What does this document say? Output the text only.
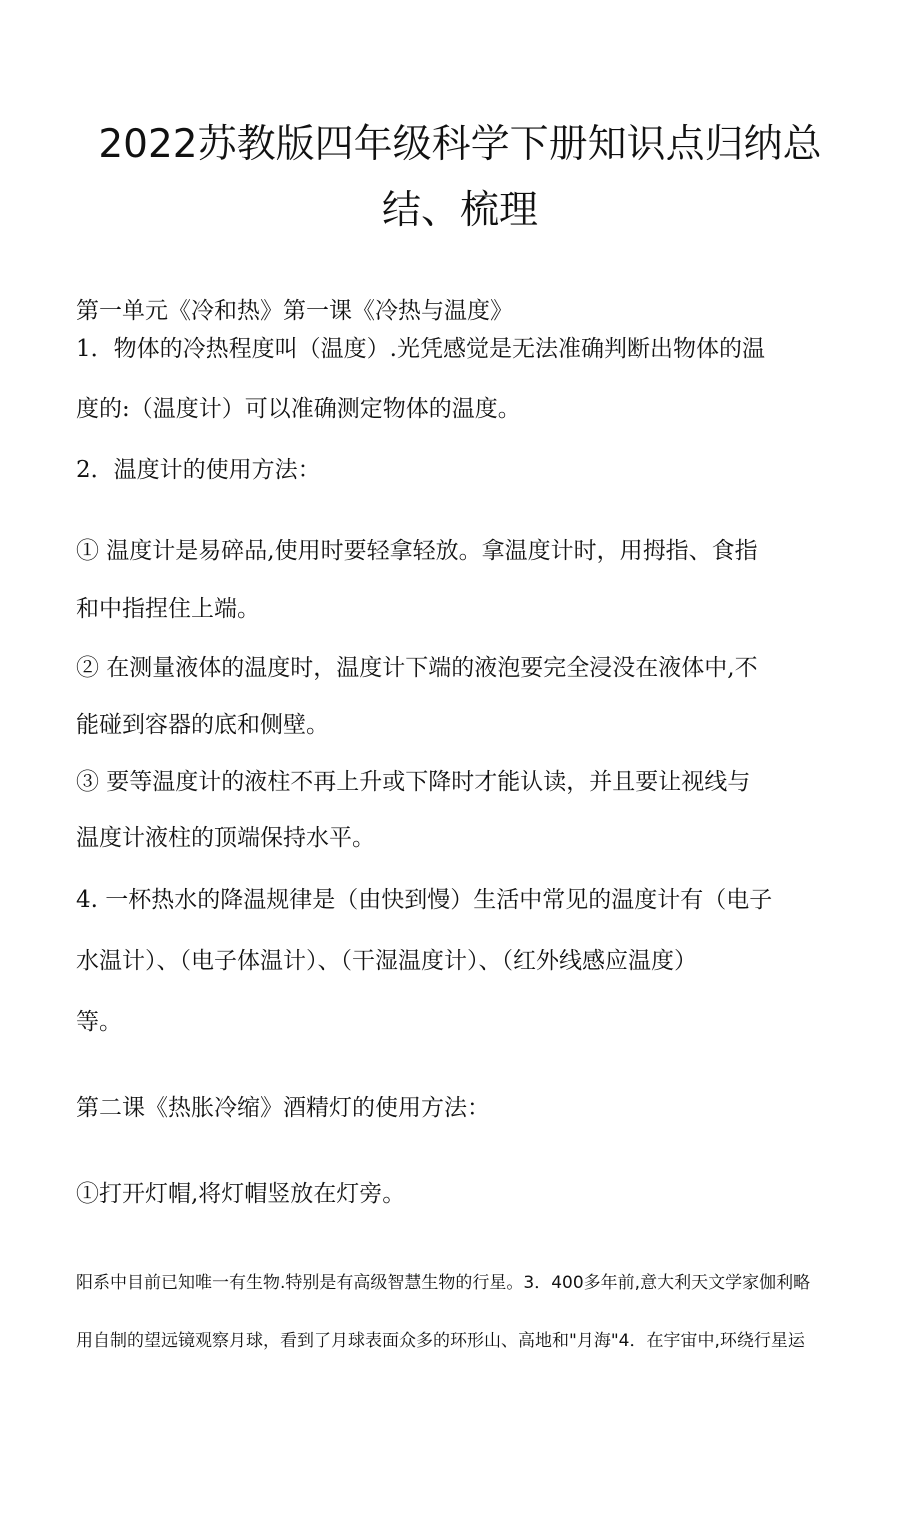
2022苏教版四年级科学下册知识点归纳总
结、梳理

第一单元《冷和热》第一课《冷热与温度》

1．物体的冷热程度叫（温度）.光凭感觉是无法准确判断出物体的温

度的:（温度计）可以准确测定物体的温度。

2．温度计的使用方法：

① 温度计是易碎品,使用时要轻拿轻放。拿温度计时，用拇指、食指

和中指捏住上端。

② 在测量液体的温度时，温度计下端的液泡要完全浸没在液体中,不

能碰到容器的底和侧壁。

③ 要等温度计的液柱不再上升或下降时才能认读，并且要让视线与

温度计液柱的顶端保持水平。

4. 一杯热水的降温规律是（由快到慢）生活中常见的温度计有（电子

水温计）、（电子体温计）、（干湿温度计）、（红外线感应温度）

等。

第二课《热胀冷缩》酒精灯的使用方法：

①打开灯帽,将灯帽竖放在灯旁。

阳系中目前已知唯一有生物.特别是有高级智慧生物的行星。3．400多年前,意大利天文学家伽利略

用自制的望远镜观察月球，看到了月球表面众多的环形山、高地和"月海"4．在宇宙中,环绕行星运
